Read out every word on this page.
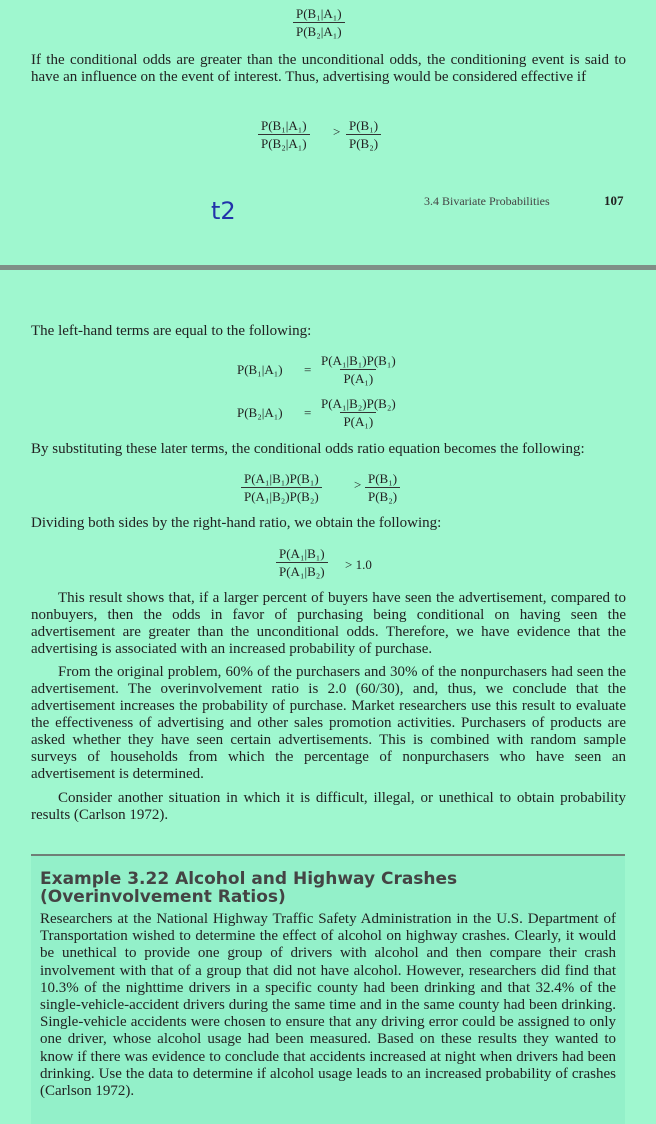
$\frac{\text{P(B₁|A₁)}}{\text{P(B₂|A₁)}}$
If the conditional odds are greater than the unconditional odds, the conditioning event is said to have an influence on the event of interest. Thus, advertising would be considered effective if
$\frac{\text{P(B₁|A₁)}}{\text{P(B₂|A₁)}} > \frac{\text{P(B₁)}}{\text{P(B₂)}}$
3.4 Bivariate Probabilities	107
t2
The left-hand terms are equal to the following:
$P(B_1|A_1) = \frac{\text{P(A₁|B₁)P(B₁)}}{\text{P(A₁)}}$
$P(B_2|A_1) = \frac{\text{P(A₁|B₂)P(B₂)}}{\text{P(A₁)}}$
By substituting these later terms, the conditional odds ratio equation becomes the following:
$\frac{\text{P(A₁|B₁)P(B₁)}}{\text{P(A₁|B₂)P(B₂)}} > \frac{\text{P(B₁)}}{\text{P(B₂)}}$
Dividing both sides by the right-hand ratio, we obtain the following:
$\frac{\text{P(A₁|B₁)}}{\text{P(A₁|B₂)}} > 1.0$
This result shows that, if a larger percent of buyers have seen the advertisement, compared to nonbuyers, then the odds in favor of purchasing being conditional on having seen the advertisement are greater than the unconditional odds. Therefore, we have evidence that the advertising is associated with an increased probability of purchase.
From the original problem, 60% of the purchasers and 30% of the nonpurchasers had seen the advertisement. The overinvolvement ratio is 2.0 (60/30), and, thus, we conclude that the advertisement increases the probability of purchase. Market researchers use this result to evaluate the effectiveness of advertising and other sales promotion activities. Purchasers of products are asked whether they have seen certain advertisements. This is combined with random sample surveys of households from which the percentage of nonpurchasers who have seen an advertisement is determined.
Consider another situation in which it is difficult, illegal, or unethical to obtain probability results (Carlson 1972).
Example 3.22 Alcohol and Highway Crashes (Overinvolvement Ratios)
Researchers at the National Highway Traffic Safety Administration in the U.S. Department of Transportation wished to determine the effect of alcohol on highway crashes. Clearly, it would be unethical to provide one group of drivers with alcohol and then compare their crash involvement with that of a group that did not have alcohol. However, researchers did find that 10.3% of the nighttime drivers in a specific county had been drinking and that 32.4% of the single-vehicle-accident drivers during the same time and in the same county had been drinking. Single-vehicle accidents were chosen to ensure that any driving error could be assigned to only one driver, whose alcohol usage had been measured. Based on these results they wanted to know if there was evidence to conclude that accidents increased at night when drivers had been drinking. Use the data to determine if alcohol usage leads to an increased probability of crashes (Carlson 1972).
